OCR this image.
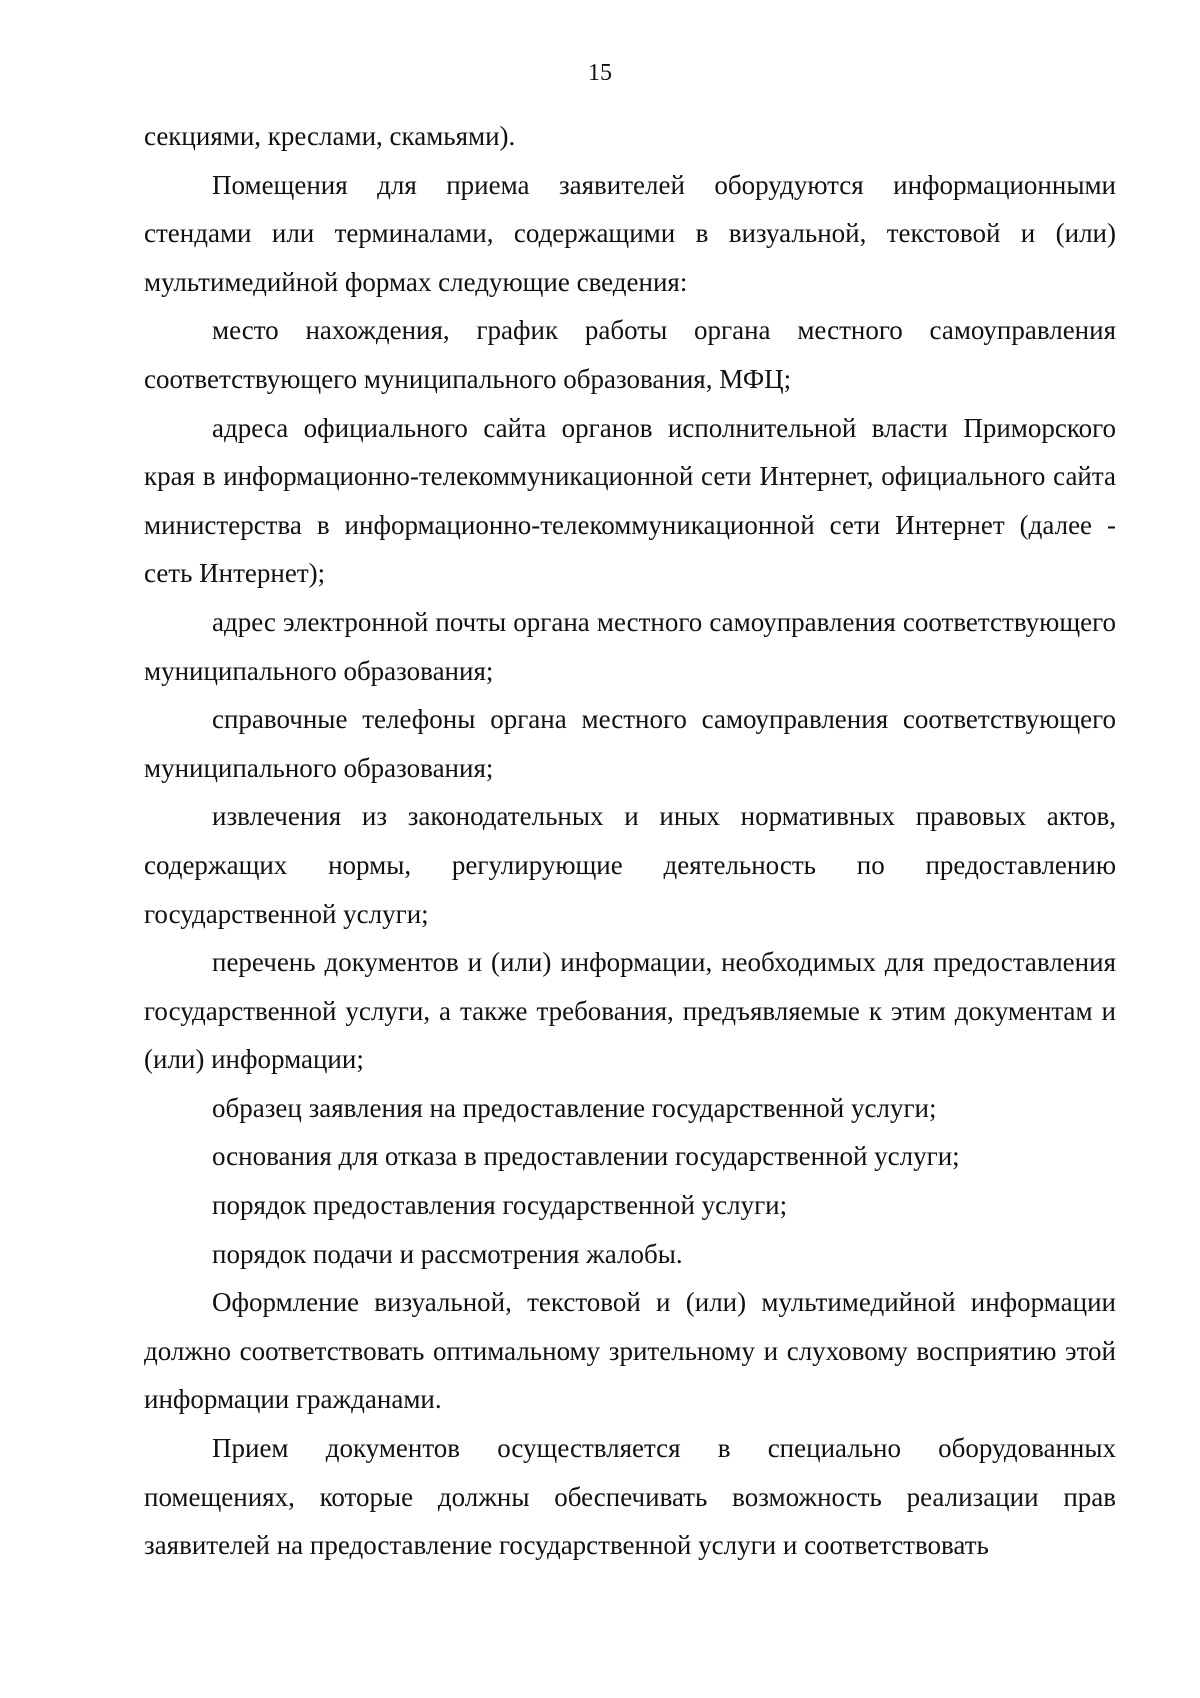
15

секциями, креслами, скамьями).

Помещения для приема заявителей оборудуются информационными стендами или терминалами, содержащими в визуальной, текстовой и (или) мультимедийной формах следующие сведения:

место нахождения, график работы органа местного самоуправления соответствующего муниципального образования, МФЦ;

адреса официального сайта органов исполнительной власти Приморского края в информационно-телекоммуникационной сети Интернет, официального сайта министерства в информационно-телекоммуникационной сети Интернет (далее - сеть Интернет);

адрес электронной почты органа местного самоуправления соответствующего муниципального образования;

справочные телефоны органа местного самоуправления соответствующего муниципального образования;

извлечения из законодательных и иных нормативных правовых актов, содержащих нормы, регулирующие деятельность по предоставлению государственной услуги;

перечень документов и (или) информации, необходимых для предоставления государственной услуги, а также требования, предъявляемые к этим документам и (или) информации;

образец заявления на предоставление государственной услуги;

основания для отказа в предоставлении государственной услуги;

порядок предоставления государственной услуги;

порядок подачи и рассмотрения жалобы.

Оформление визуальной, текстовой и (или) мультимедийной информации должно соответствовать оптимальному зрительному и слуховому восприятию этой информации гражданами.

Прием документов осуществляется в специально оборудованных помещениях, которые должны обеспечивать возможность реализации прав заявителей на предоставление государственной услуги и соответствовать
